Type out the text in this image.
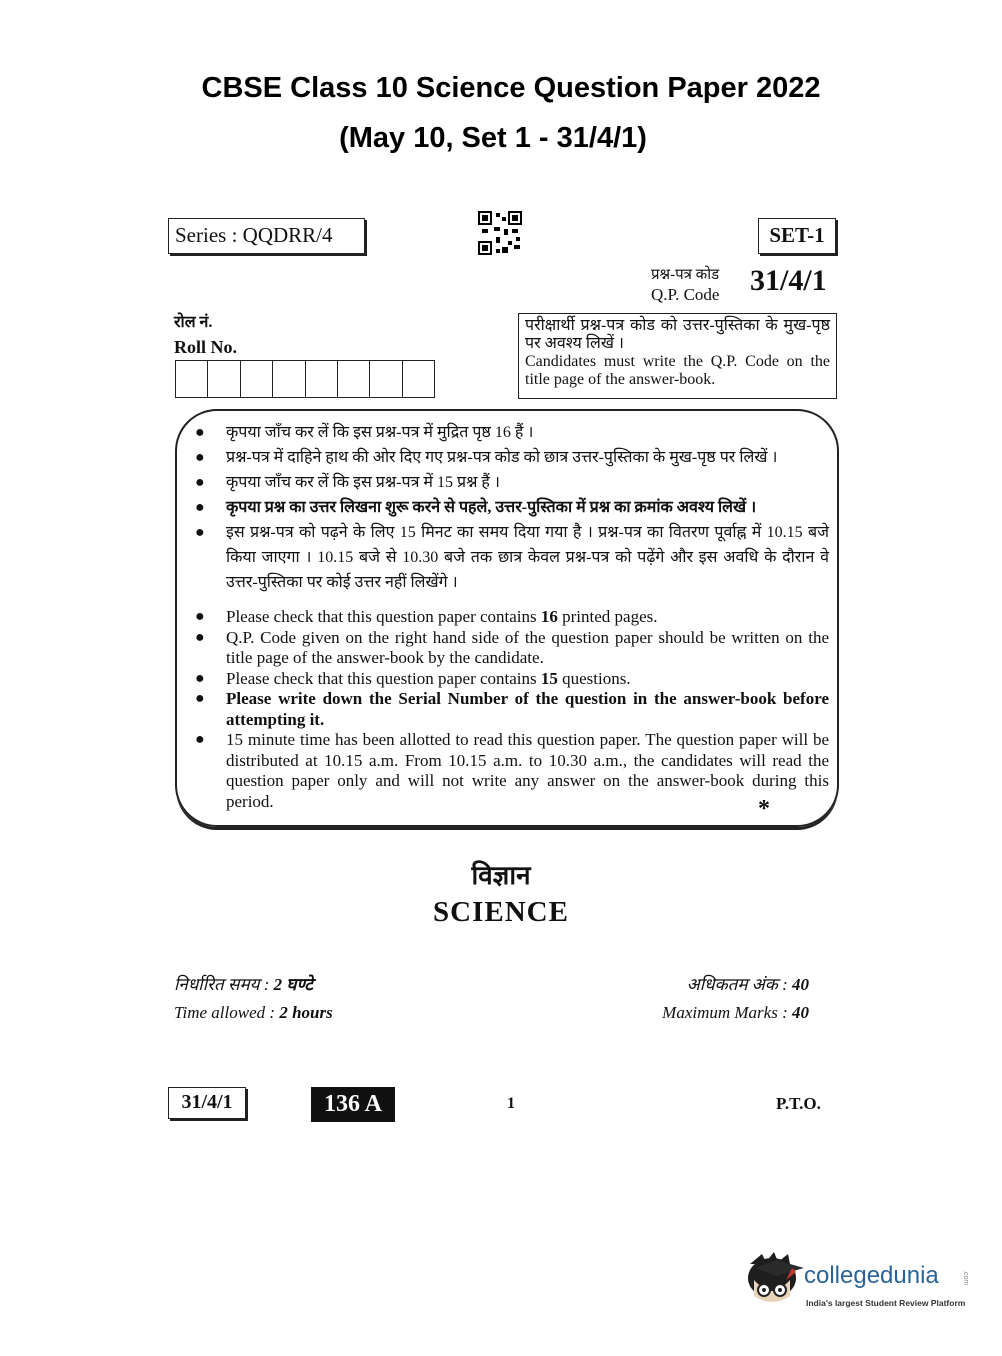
CBSE Class 10 Science Question Paper 2022
(May 10, Set 1 - 31/4/1)
Series : QQDRR/4	SET-1
प्रश्न-पत्र कोड
Q.P. Code 31/4/1
रोल नं.
Roll No.

परीक्षार्थी प्रश्न-पत्र कोड को उत्तर-पुस्तिका के मुख-पृष्ठ पर अवश्य लिखें ।

Candidates must write the Q.P. Code on the title page of the answer-book.

● कृपया जाँच कर लें कि इस प्रश्न-पत्र में मुद्रित पृष्ठ 16 हैं ।
● प्रश्न-पत्र में दाहिने हाथ की ओर दिए गए प्रश्न-पत्र कोड को छात्र उत्तर-पुस्तिका के मुख-पृष्ठ पर लिखें ।
● कृपया जाँच कर लें कि इस प्रश्न-पत्र में 15 प्रश्न हैं ।
● कृपया प्रश्न का उत्तर लिखना शुरू करने से पहले, उत्तर-पुस्तिका में प्रश्न का क्रमांक अवश्य लिखें ।
● इस प्रश्न-पत्र को पढ़ने के लिए 15 मिनट का समय दिया गया है । प्रश्न-पत्र का वितरण पूर्वाह्न में 10.15 बजे किया जाएगा । 10.15 बजे से 10.30 बजे तक छात्र केवल प्रश्न-पत्र को पढ़ेंगे और इस अवधि के दौरान वे उत्तर-पुस्तिका पर कोई उत्तर नहीं लिखेंगे ।
● Please check that this question paper contains 16 printed pages.
● Q.P. Code given on the right hand side of the question paper should be written on the title page of the answer-book by the candidate.
● Please check that this question paper contains 15 questions.
● Please write down the Serial Number of the question in the answer-book before attempting it.
● 15 minute time has been allotted to read this question paper. The question paper will be distributed at 10.15 a.m. From 10.15 a.m. to 10.30 a.m., the candidates will read the question paper only and will not write any answer on the answer-book during this period.	*
विज्ञान
SCIENCE
निर्धारित समय : 2 घण्टे
Time allowed : 2 hours
अधिकतम अंक : 40
Maximum Marks : 40
31/4/1	136 A	1	P.T.O.
collegedunia	.com
India's largest Student Review Platform
